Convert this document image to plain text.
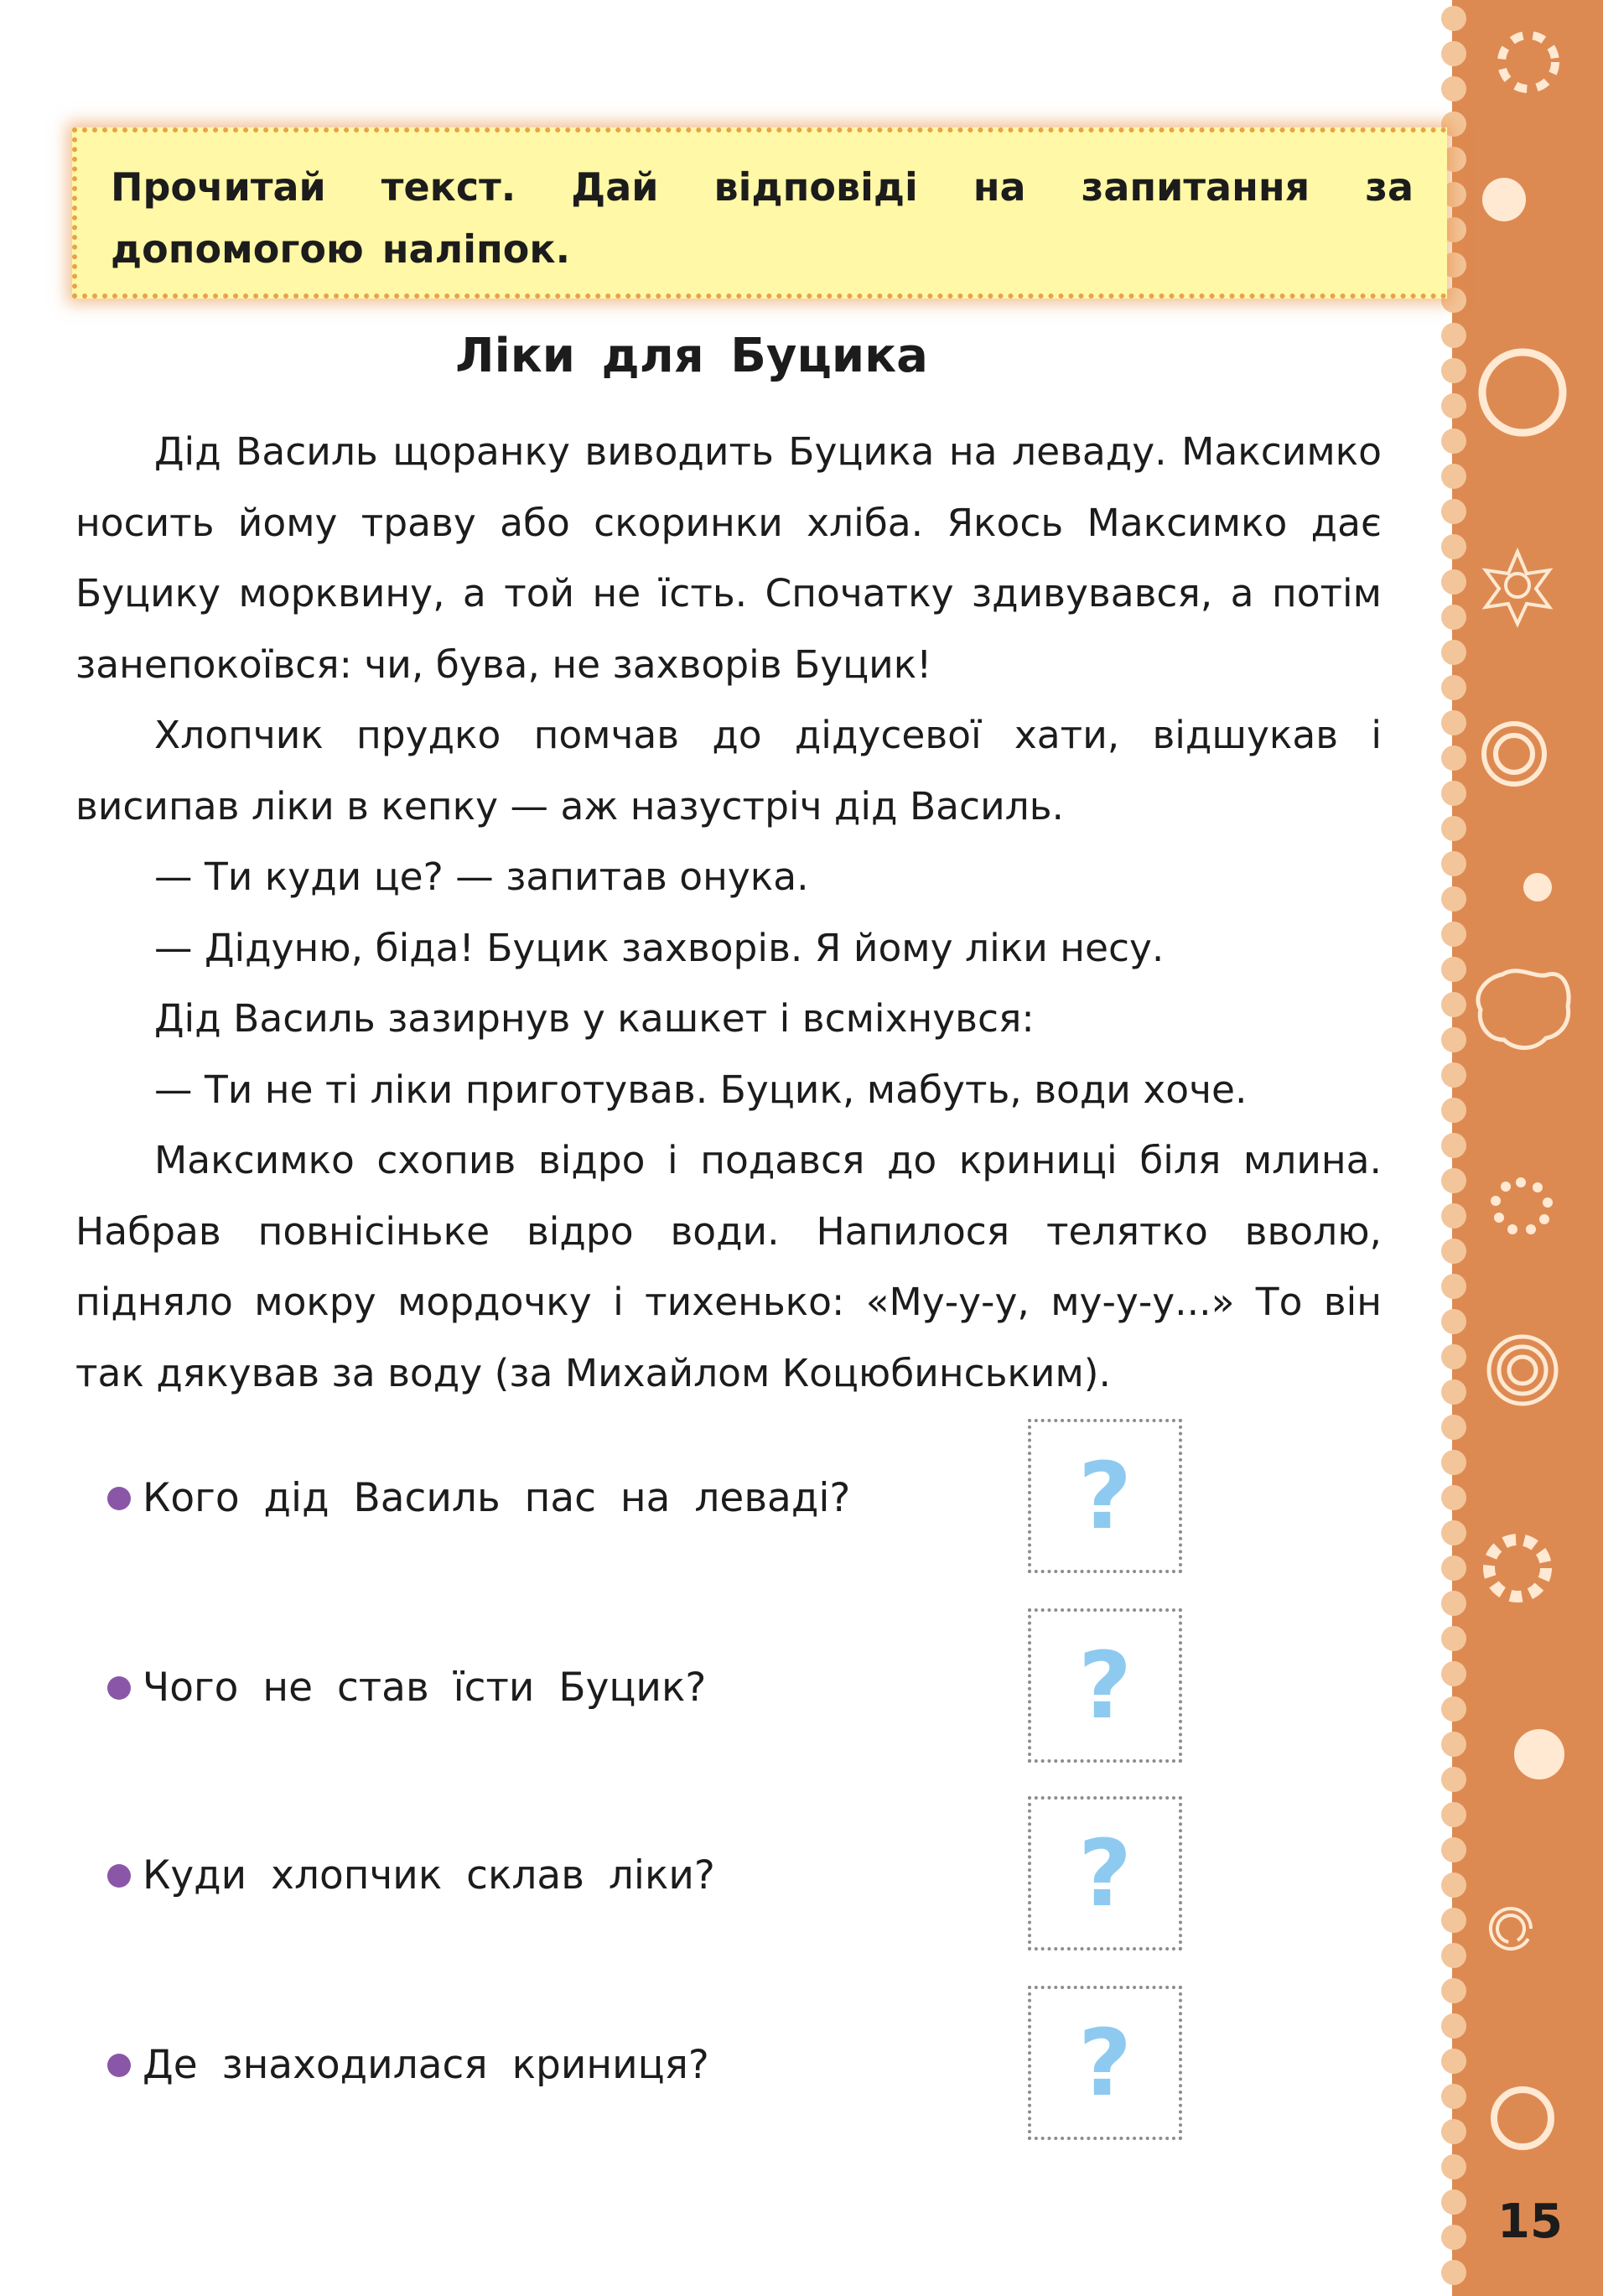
15

Прочитай текст. Дай відповіді на запитання за допомогою наліпок.

Ліки для Буцика

Дід Василь щоранку виводить Буцика на леваду. Максимко носить йому траву або скоринки хліба. Якось Максимко дає Буцику морквину, а той не їсть. Спочатку здивувався, а потім занепокоївся: чи, бува, не захворів Буцик!

Хлопчик прудко помчав до дідусевої хати, відшукав і висипав ліки в кепку — аж назустріч дід Василь.

— Ти куди це? — запитав онука.

— Дідуню, біда! Буцик захворів. Я йому ліки несу.

Дід Василь зазирнув у кашкет і всміхнувся:

— Ти не ті ліки приготував. Буцик, мабуть, води хоче.

Максимко схопив відро і подався до криниці біля млина. Набрав повнісіньке відро води. Напилося телятко вволю, підняло мокру мордочку і тихенько: «Му-у-у, му-у-у...» То він так дякував за воду (за Михайлом Коцюбинським).

Кого дід Василь пас на леваді? ?
Чого не став їсти Буцик?	?
Куди хлопчик склав ліки?	?
Де знаходилася криниця?	?
